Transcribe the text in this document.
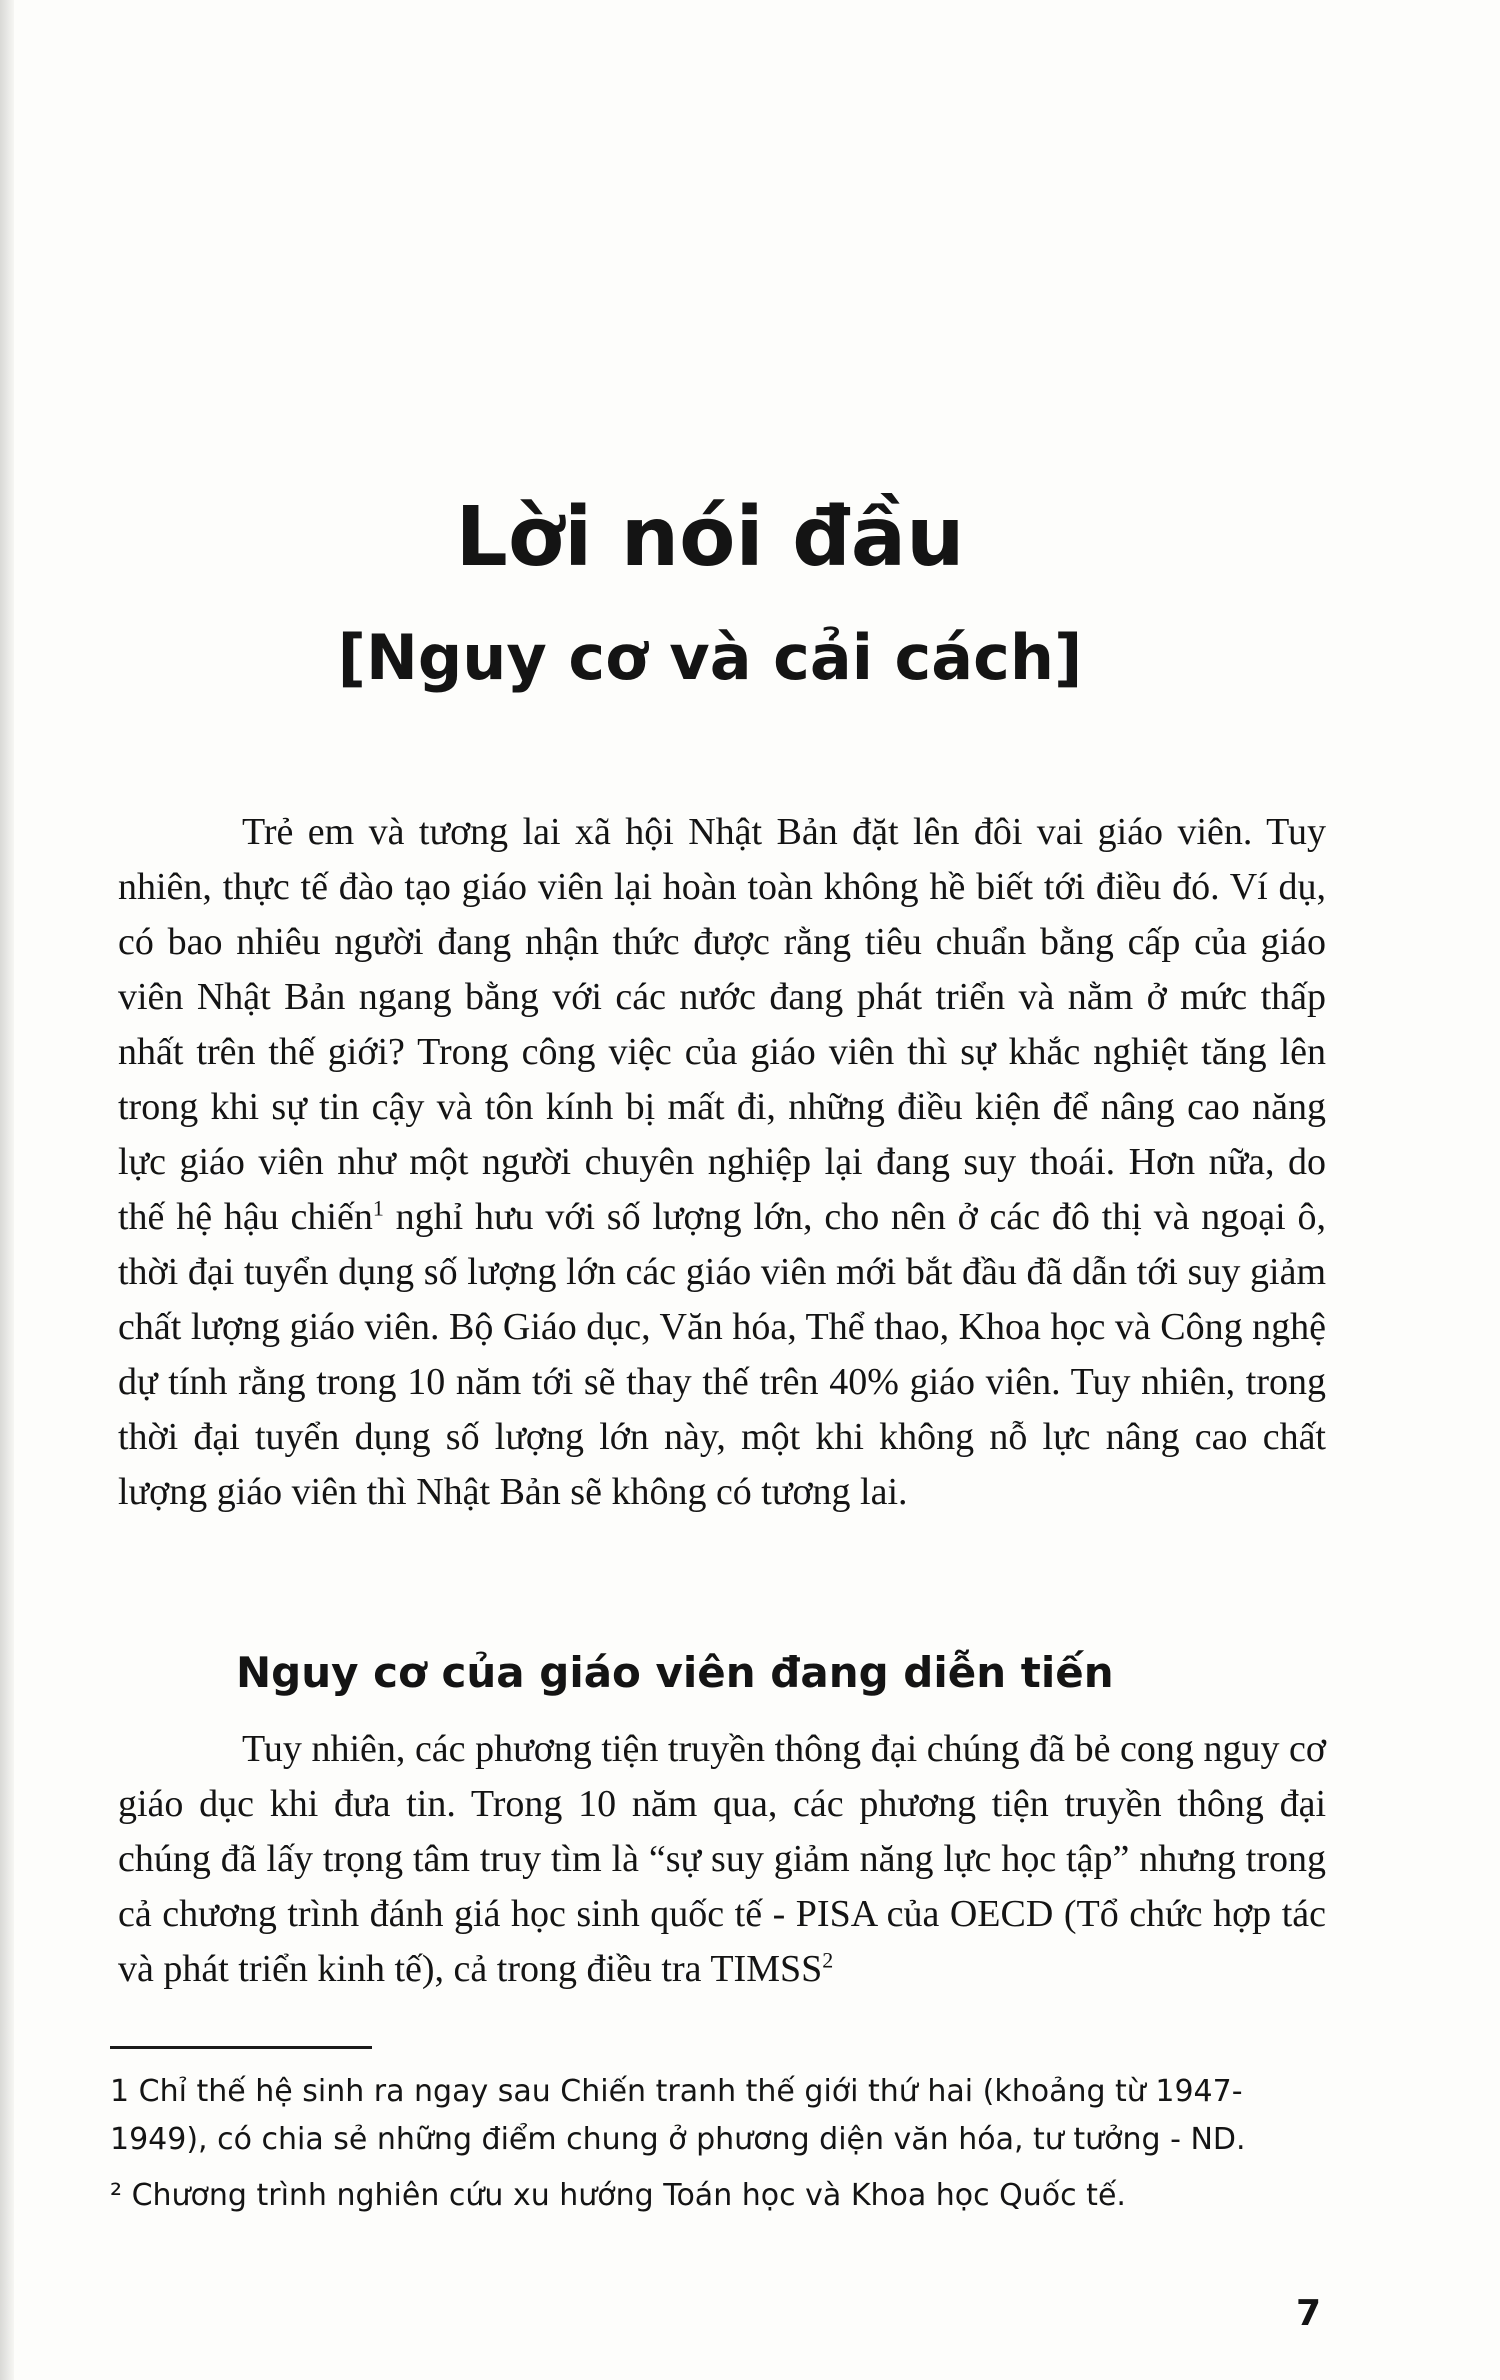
Lời nói đầu
[Nguy cơ và cải cách]

Trẻ em và tương lai xã hội Nhật Bản đặt lên đôi vai giáo viên. Tuy nhiên, thực tế đào tạo giáo viên lại hoàn toàn không hề biết tới điều đó. Ví dụ, có bao nhiêu người đang nhận thức được rằng tiêu chuẩn bằng cấp của giáo viên Nhật Bản ngang bằng với các nước đang phát triển và nằm ở mức thấp nhất trên thế giới? Trong công việc của giáo viên thì sự khắc nghiệt tăng lên trong khi sự tin cậy và tôn kính bị mất đi, những điều kiện để nâng cao năng lực giáo viên như một người chuyên nghiệp lại đang suy thoái. Hơn nữa, do thế hệ hậu chiến$^1$ nghỉ hưu với số lượng lớn, cho nên ở các đô thị và ngoại ô, thời đại tuyển dụng số lượng lớn các giáo viên mới bắt đầu đã dẫn tới suy giảm chất lượng giáo viên. Bộ Giáo dục, Văn hóa, Thể thao, Khoa học và Công nghệ dự tính rằng trong 10 năm tới sẽ thay thế trên 40% giáo viên. Tuy nhiên, trong thời đại tuyển dụng số lượng lớn này, một khi không nỗ lực nâng cao chất lượng giáo viên thì Nhật Bản sẽ không có tương lai.

Nguy cơ của giáo viên đang diễn tiến

Tuy nhiên, các phương tiện truyền thông đại chúng đã bẻ cong nguy cơ giáo dục khi đưa tin. Trong 10 năm qua, các phương tiện truyền thông đại chúng đã lấy trọng tâm truy tìm là “sự suy giảm năng lực học tập” nhưng trong cả chương trình đánh giá học sinh quốc tế - PISA của OECD (Tổ chức hợp tác và phát triển kinh tế), cả trong điều tra TIMSS$^2$

1 Chỉ thế hệ sinh ra ngay sau Chiến tranh thế giới thứ hai (khoảng từ 1947-1949), có chia sẻ những điểm chung ở phương diện văn hóa, tư tưởng - ND.

² Chương trình nghiên cứu xu hướng Toán học và Khoa học Quốc tế.

7
